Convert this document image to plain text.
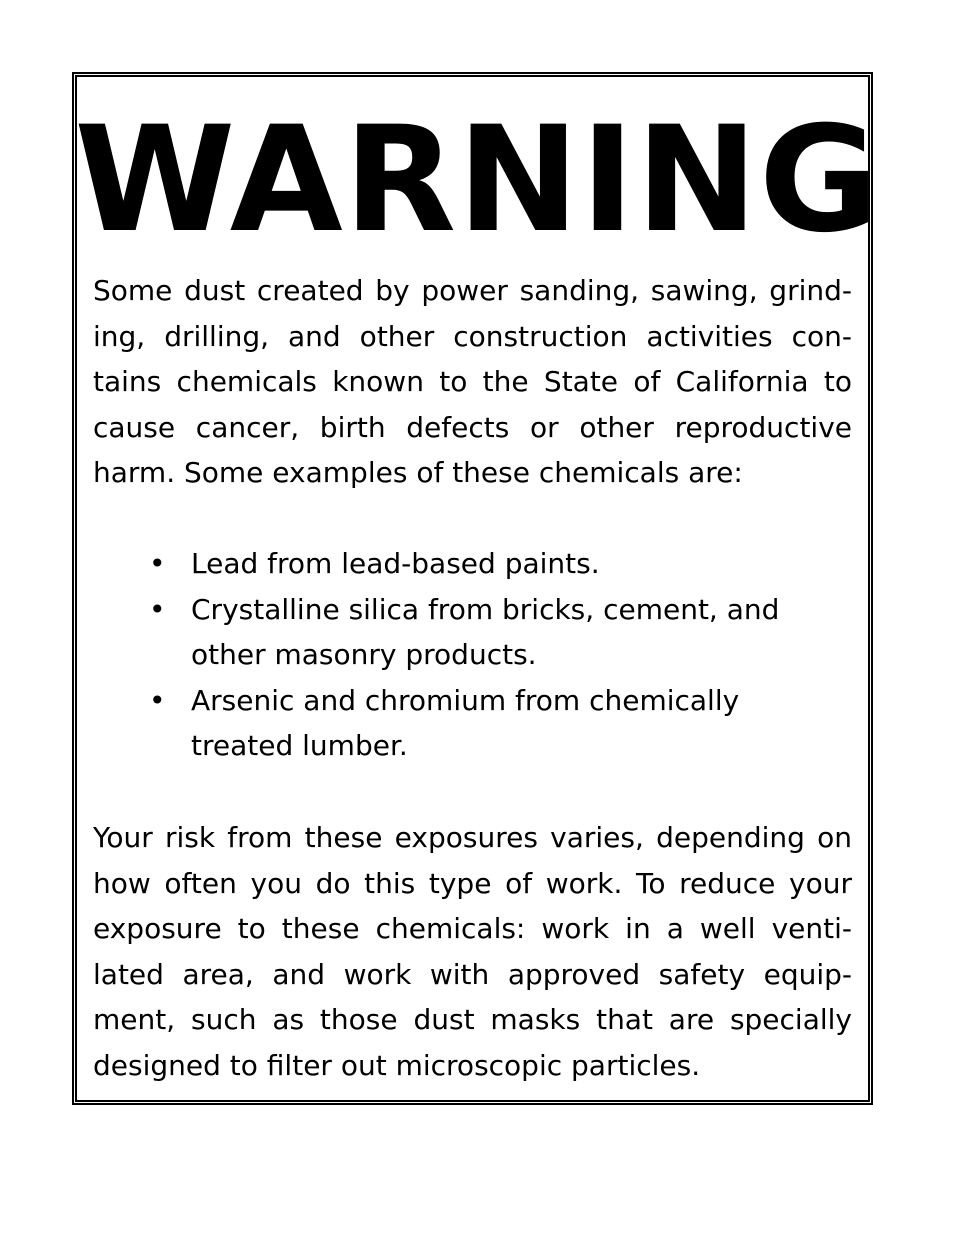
WARNING
Some dust created by power sanding, sawing, grind-
ing, drilling, and other construction activities con-
tains chemicals known to the State of California to
cause cancer, birth defects or other reproductive
harm. Some examples of these chemicals are:
• Lead from lead-based paints.
• Crystalline silica from bricks, cement, and
other masonry products.
• Arsenic and chromium from chemically
treated lumber.
Your risk from these exposures varies, depending on
how often you do this type of work. To reduce your
exposure to these chemicals: work in a well venti-
lated area, and work with approved safety equip-
ment, such as those dust masks that are specially
designed to filter out microscopic particles.
